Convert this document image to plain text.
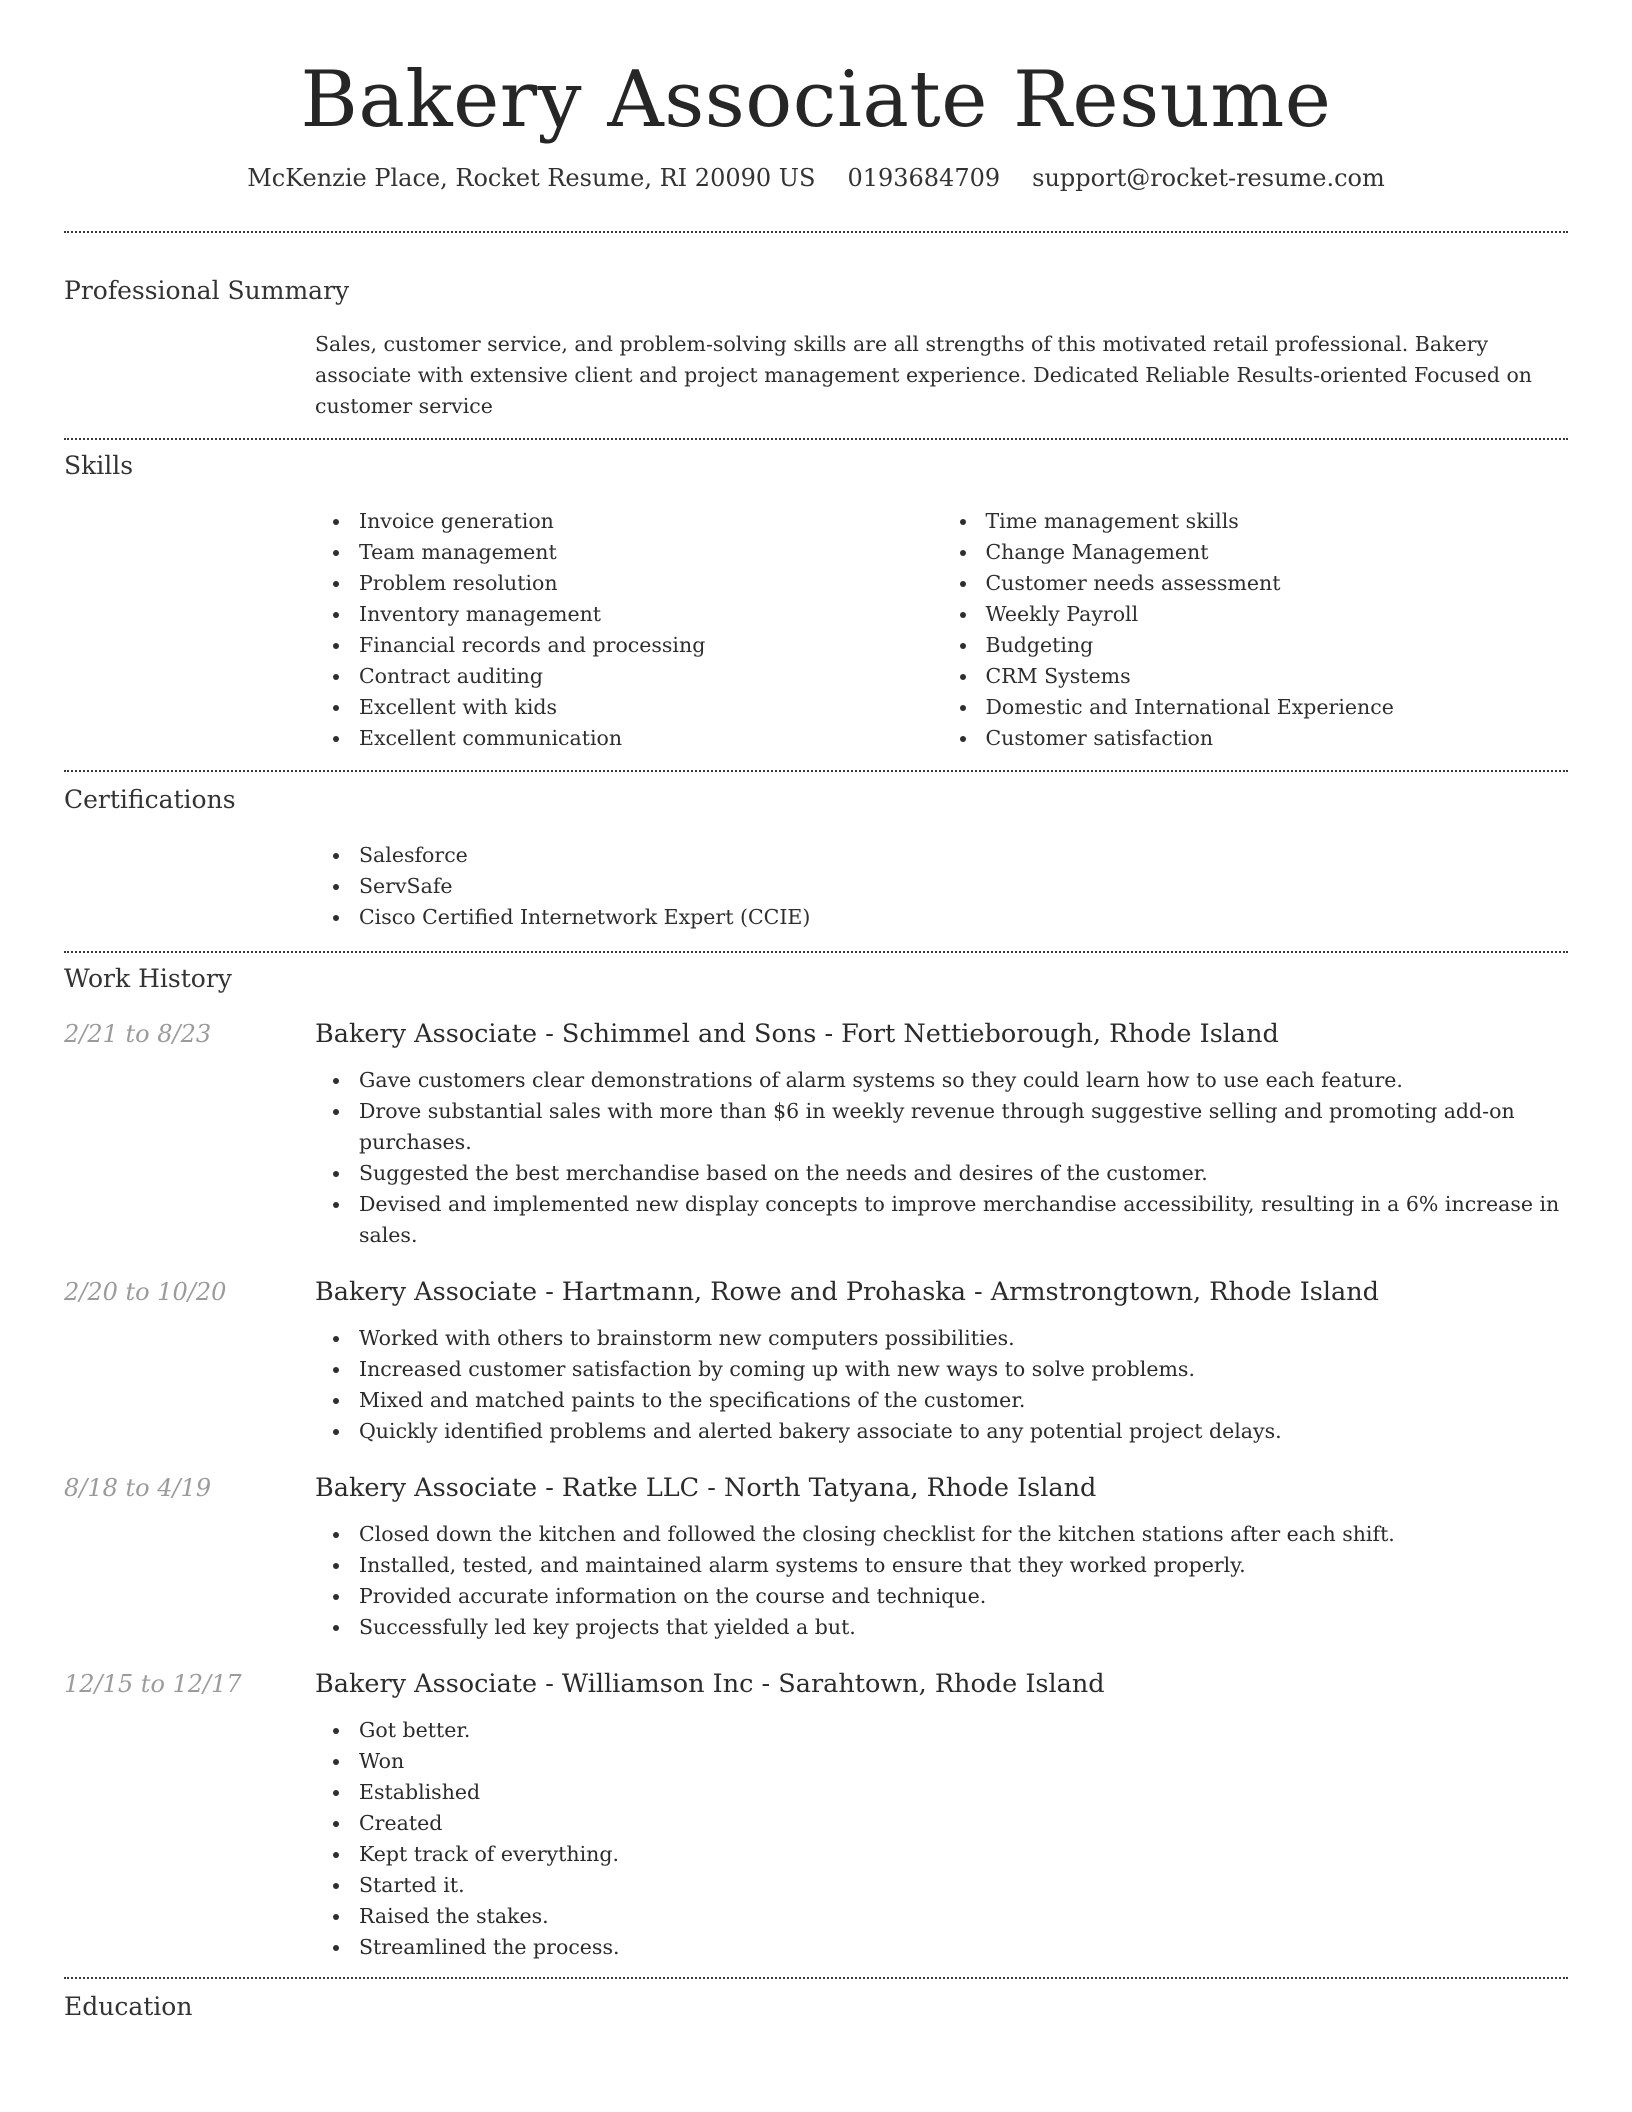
Bakery Associate Resume
McKenzie Place, Rocket Resume, RI 20090 US 0193684709 support@rocket-resume.com
Professional Summary
Sales, customer service, and problem-solving skills are all strengths of this motivated retail professional. Bakery associate with extensive client and project management experience. Dedicated Reliable Results-oriented Focused on customer service
Skills
Invoice generation
Team management
Problem resolution
Inventory management
Financial records and processing
Contract auditing
Excellent with kids
Excellent communication
Time management skills
Change Management
Customer needs assessment
Weekly Payroll
Budgeting
CRM Systems
Domestic and International Experience
Customer satisfaction
Certifications
Salesforce
ServSafe
Cisco Certified Internetwork Expert (CCIE)
Work History
2/21 to 8/23	Bakery Associate - Schimmel and Sons - Fort Nettieborough, Rhode Island
Gave customers clear demonstrations of alarm systems so they could learn how to use each feature.
Drove substantial sales with more than $6 in weekly revenue through suggestive selling and promoting add-on purchases.
Suggested the best merchandise based on the needs and desires of the customer.
Devised and implemented new display concepts to improve merchandise accessibility, resulting in a 6% increase in sales.
2/20 to 10/20	Bakery Associate - Hartmann, Rowe and Prohaska - Armstrongtown, Rhode Island
Worked with others to brainstorm new computers possibilities.
Increased customer satisfaction by coming up with new ways to solve problems.
Mixed and matched paints to the specifications of the customer.
Quickly identified problems and alerted bakery associate to any potential project delays.
8/18 to 4/19	Bakery Associate - Ratke LLC - North Tatyana, Rhode Island
Closed down the kitchen and followed the closing checklist for the kitchen stations after each shift.
Installed, tested, and maintained alarm systems to ensure that they worked properly.
Provided accurate information on the course and technique.
Successfully led key projects that yielded a but.
12/15 to 12/17	Bakery Associate - Williamson Inc - Sarahtown, Rhode Island
Got better.
Won
Established
Created
Kept track of everything.
Started it.
Raised the stakes.
Streamlined the process.
Education
